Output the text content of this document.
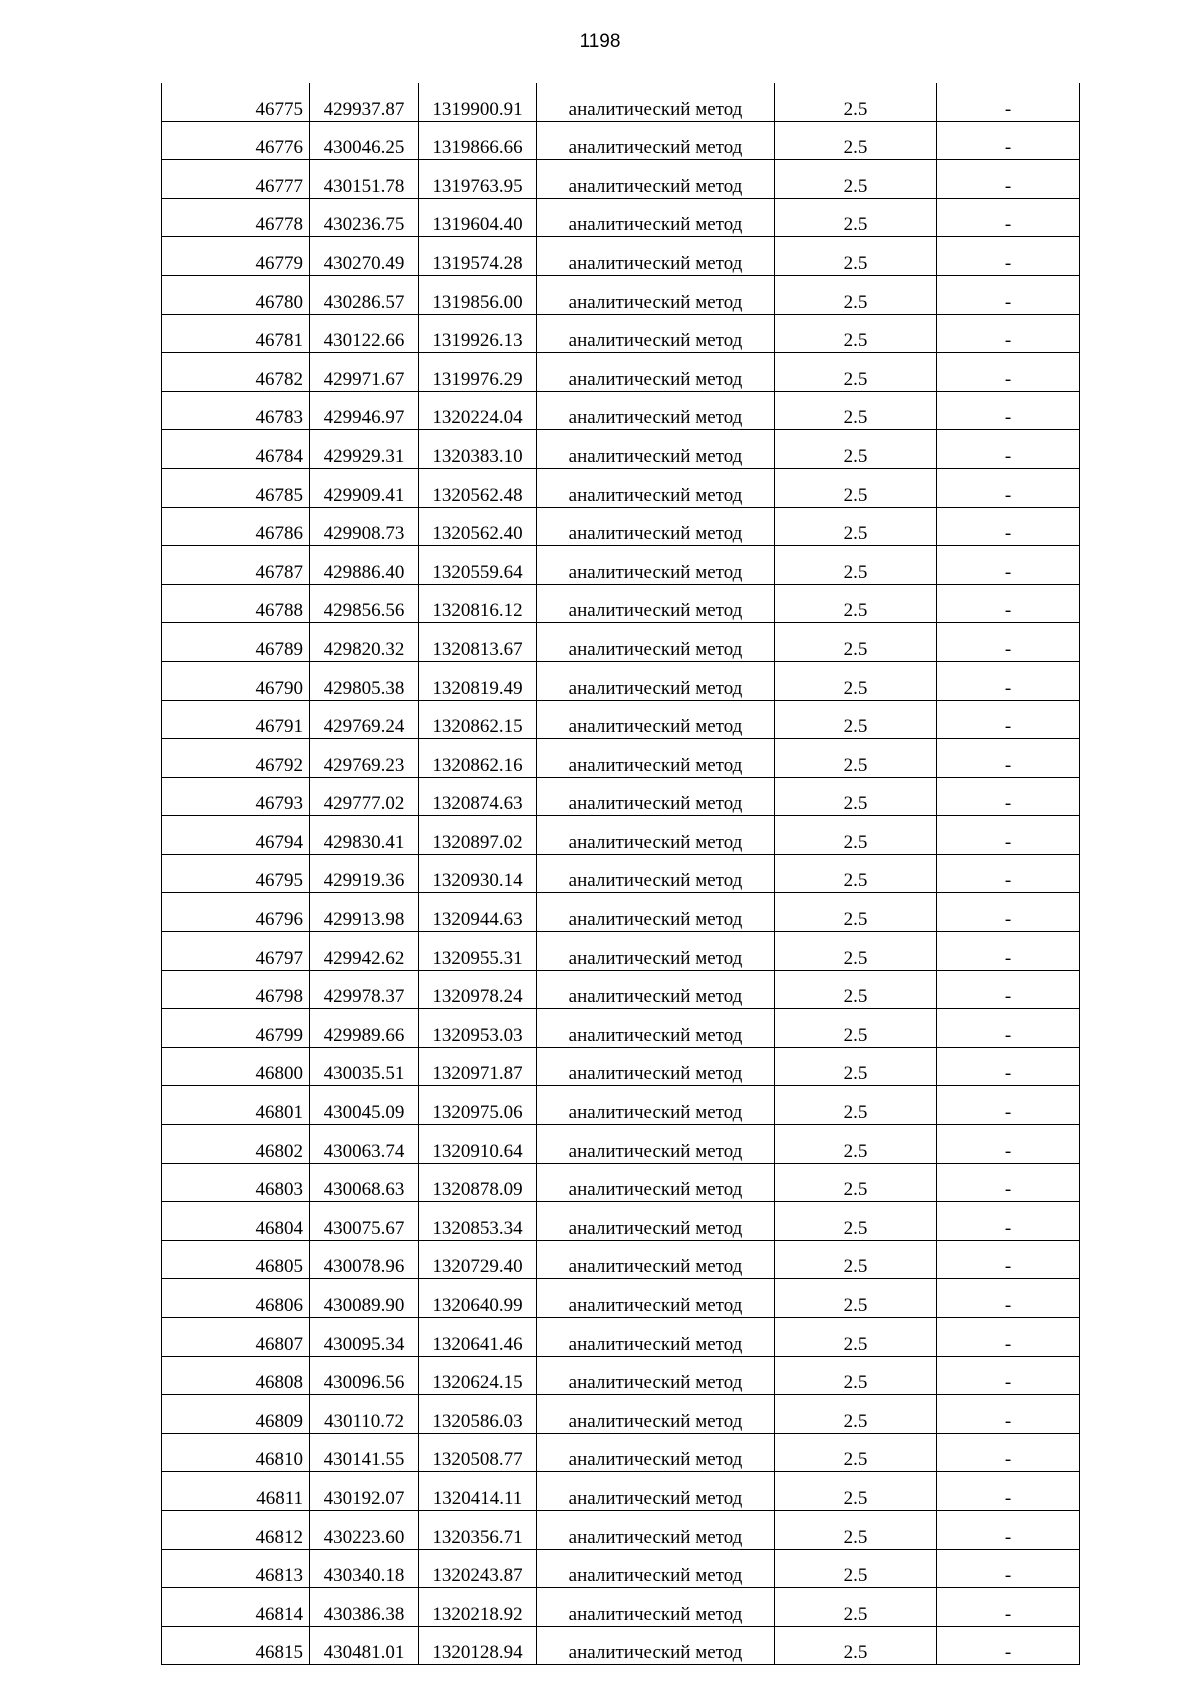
1198
46775	429937.87	1319900.91	аналитический метод	2.5	-
46776	430046.25	1319866.66	аналитический метод	2.5	-
46777	430151.78	1319763.95	аналитический метод	2.5	-
46778	430236.75	1319604.40	аналитический метод	2.5	-
46779	430270.49	1319574.28	аналитический метод	2.5	-
46780	430286.57	1319856.00	аналитический метод	2.5	-
46781	430122.66	1319926.13	аналитический метод	2.5	-
46782	429971.67	1319976.29	аналитический метод	2.5	-
46783	429946.97	1320224.04	аналитический метод	2.5	-
46784	429929.31	1320383.10	аналитический метод	2.5	-
46785	429909.41	1320562.48	аналитический метод	2.5	-
46786	429908.73	1320562.40	аналитический метод	2.5	-
46787	429886.40	1320559.64	аналитический метод	2.5	-
46788	429856.56	1320816.12	аналитический метод	2.5	-
46789	429820.32	1320813.67	аналитический метод	2.5	-
46790	429805.38	1320819.49	аналитический метод	2.5	-
46791	429769.24	1320862.15	аналитический метод	2.5	-
46792	429769.23	1320862.16	аналитический метод	2.5	-
46793	429777.02	1320874.63	аналитический метод	2.5	-
46794	429830.41	1320897.02	аналитический метод	2.5	-
46795	429919.36	1320930.14	аналитический метод	2.5	-
46796	429913.98	1320944.63	аналитический метод	2.5	-
46797	429942.62	1320955.31	аналитический метод	2.5	-
46798	429978.37	1320978.24	аналитический метод	2.5	-
46799	429989.66	1320953.03	аналитический метод	2.5	-
46800	430035.51	1320971.87	аналитический метод	2.5	-
46801	430045.09	1320975.06	аналитический метод	2.5	-
46802	430063.74	1320910.64	аналитический метод	2.5	-
46803	430068.63	1320878.09	аналитический метод	2.5	-
46804	430075.67	1320853.34	аналитический метод	2.5	-
46805	430078.96	1320729.40	аналитический метод	2.5	-
46806	430089.90	1320640.99	аналитический метод	2.5	-
46807	430095.34	1320641.46	аналитический метод	2.5	-
46808	430096.56	1320624.15	аналитический метод	2.5	-
46809	430110.72	1320586.03	аналитический метод	2.5	-
46810	430141.55	1320508.77	аналитический метод	2.5	-
46811	430192.07	1320414.11	аналитический метод	2.5	-
46812	430223.60	1320356.71	аналитический метод	2.5	-
46813	430340.18	1320243.87	аналитический метод	2.5	-
46814	430386.38	1320218.92	аналитический метод	2.5	-
46815	430481.01	1320128.94	аналитический метод	2.5	-
